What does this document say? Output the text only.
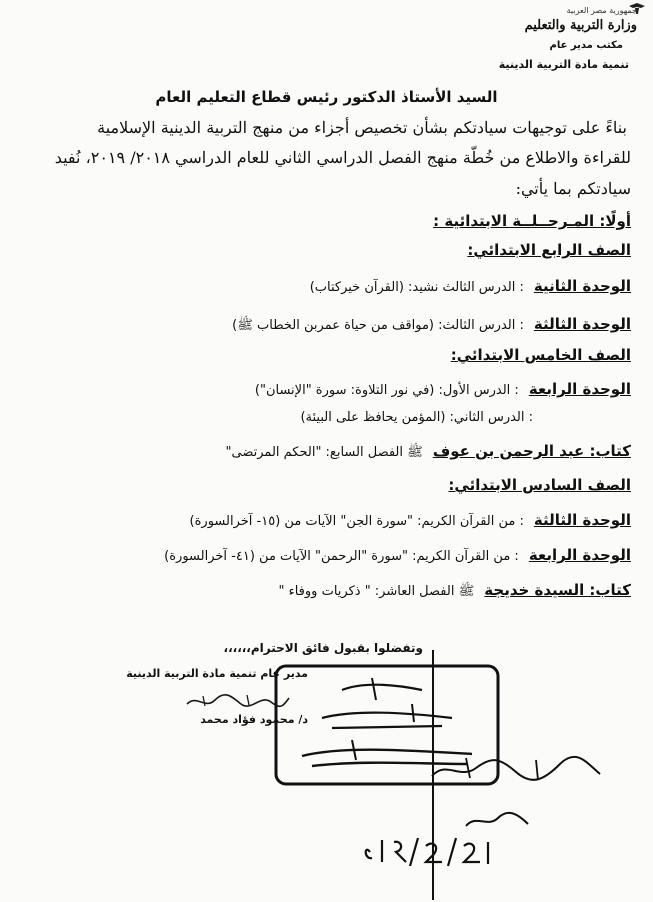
جمهورية مصر العربية
وزارة التربية والتعليم
مكتب مدير عام
تنمية مادة التربية الدينية
السيد الأستاذ الدكتور رئيس قطاع التعليم العام
بناءً على توجيهات سيادتكم بشأن تخصيص أجزاء من منهج التربية الدينية الإسلامية
للقراءة والاطلاع من خُطّة منهج الفصل الدراسي الثاني للعام الدراسي ٢٠١٨/ ٢٠١٩، نُفيد
سيادتكم بما يأتي:
أولًا: المـرحــلــة الابتدائية :
الصف الرابع الابتدائي:
الوحدة الثانية: الدرس الثالث نشيد: (القرآن خيركتاب)
الوحدة الثالثة: الدرس الثالث: (مواقف من حياة عمربن الخطاب ﷺ)
الصف الخامس الابتدائي:
الوحدة الرابعة: الدرس الأول: (في نور التلاوة: سورة "الإنسان")
: الدرس الثاني: (المؤمن يحافظ على البيئة)
كتاب: عبد الرحمن بن عوفﷺ الفصل السابع: "الحكم المرتضى"
الصف السادس الابتدائي:
الوحدة الثالثة: من القرآن الكريم: "سورة الجن" الآيات من (١٥- آخرالسورة)
الوحدة الرابعة: من القرآن الكريم: "سورة "الرحمن" الآيات من (٤١- آخرالسورة)
كتاب: السيدة خديجةﷺ الفصل العاشر: " ذكريات ووفاء "
وتفضلوا بقبول فائق الاحترام،،،،،،
مدير عام تنمية مادة التربية الدينية
د/ محمود فؤاد محمد
